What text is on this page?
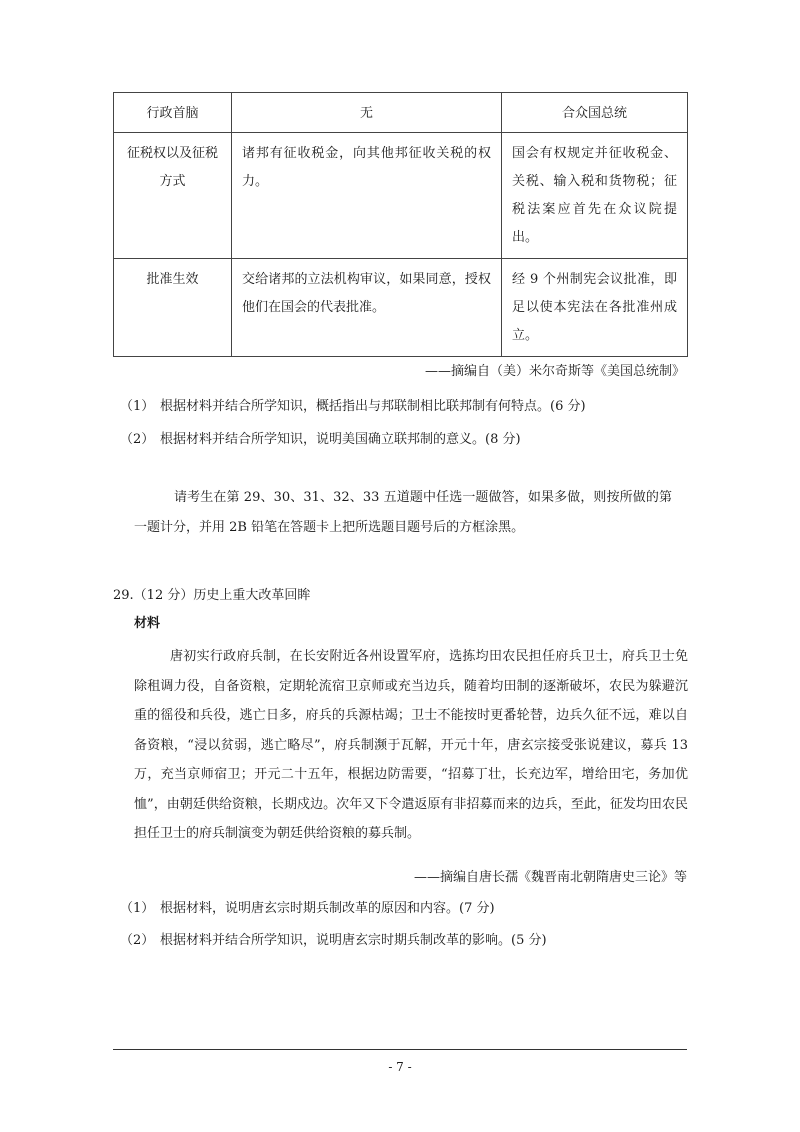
行政首脑	无	合众国总统
征税权以及征税方式	诸邦有征收税金，向其他邦征收关税的权力。	国会有权规定并征收税金、关税、输入税和货物税；征税法案应首先在众议院提出。
批准生效	交给诸邦的立法机构审议，如果同意，授权他们在国会的代表批准。	经 9 个州制宪会议批准，即足以使本宪法在各批准州成立。
——摘编自（美）米尔奇斯等《美国总统制》
（1） 根据材料并结合所学知识，概括指出与邦联制相比联邦制有何特点。(6 分)
（2） 根据材料并结合所学知识，说明美国确立联邦制的意义。(8 分)
请考生在第 29、30、31、32、33 五道题中任选一题做答，如果多做，则按所做的第一题计分，并用 2B 铅笔在答题卡上把所选题目题号后的方框涂黑。
29.（12 分）历史上重大改革回眸
材料
唐初实行政府兵制，在长安附近各州设置军府，选拣均田农民担任府兵卫士，府兵卫士免除租调力役，自备资粮，定期轮流宿卫京师或充当边兵，随着均田制的逐渐破坏，农民为躲避沉重的徭役和兵役，逃亡日多，府兵的兵源枯竭；卫士不能按时更番轮替，边兵久征不远，难以自备资粮，“浸以贫弱，逃亡略尽”，府兵制濒于瓦解，开元十年，唐玄宗接受张说建议，募兵 13 万，充当京师宿卫；开元二十五年，根据边防需要，“招募丁壮，长充边军，增给田宅，务加优恤”，由朝廷供给资粮，长期戍边。次年又下令遣返原有非招募而来的边兵，至此，征发均田农民担任卫士的府兵制演变为朝廷供给资粮的募兵制。
——摘编自唐长孺《魏晋南北朝隋唐史三论》等
（1） 根据材料，说明唐玄宗时期兵制改革的原因和内容。(7 分)
（2） 根据材料并结合所学知识，说明唐玄宗时期兵制改革的影响。(5 分)
- 7 -
